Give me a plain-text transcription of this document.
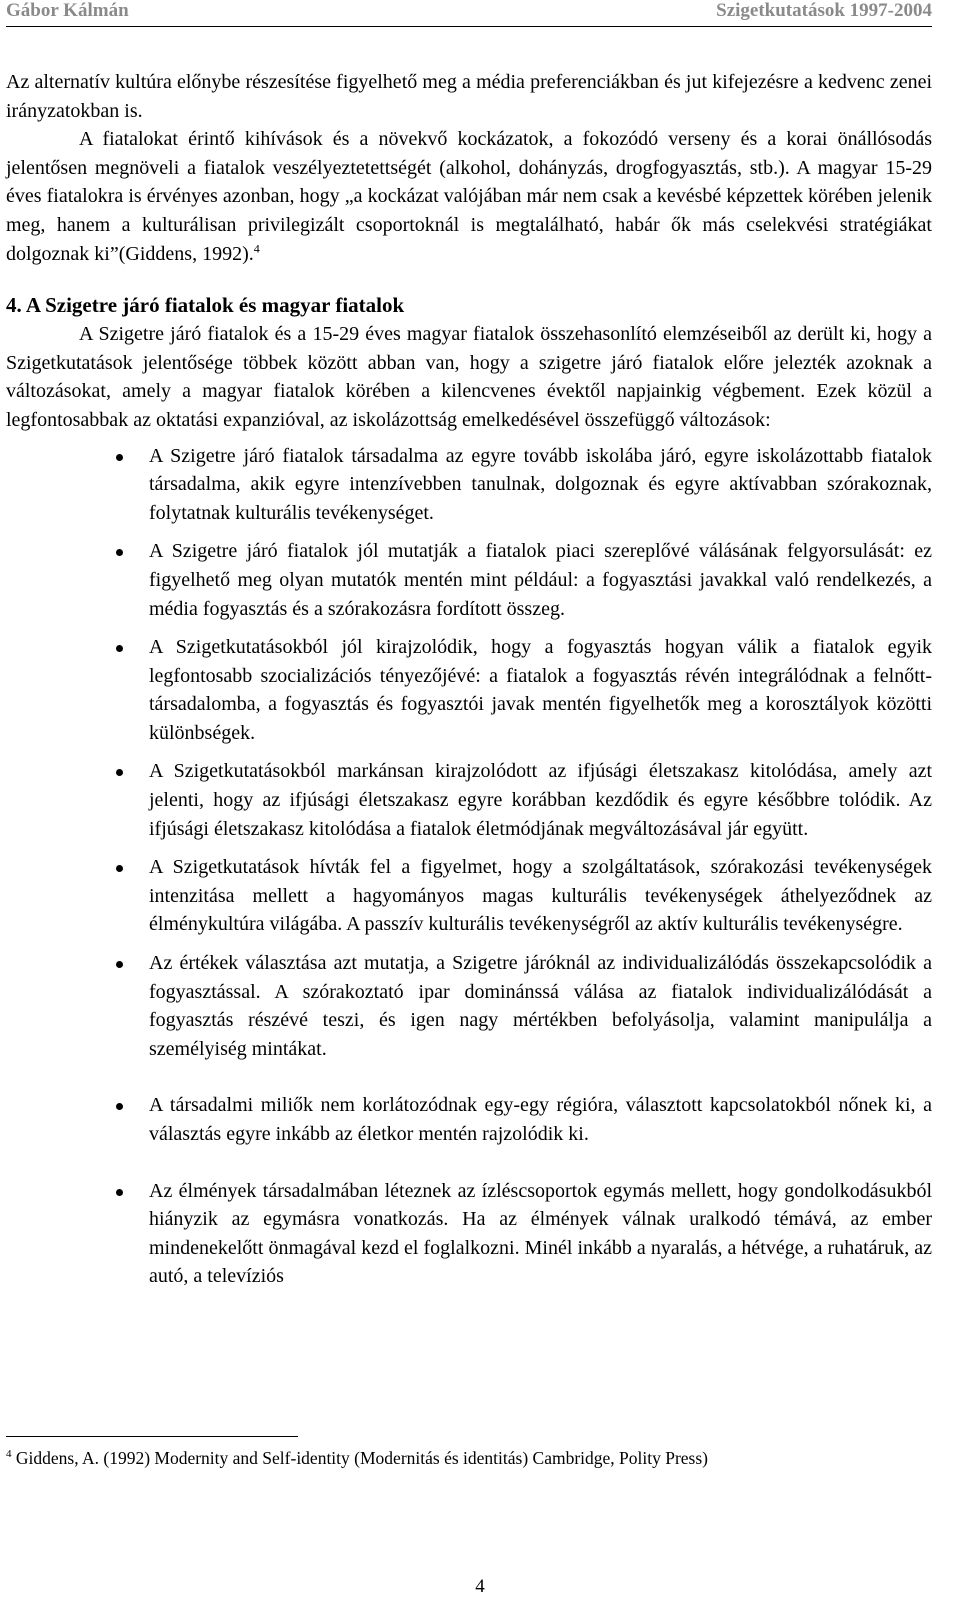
Gábor Kálmán	Szigetkutatások 1997-2004

Az alternatív kultúra előnybe részesítése figyelhető meg a média preferenciákban és jut kifejezésre a kedvenc zenei irányzatokban is.

A fiatalokat érintő kihívások és a növekvő kockázatok, a fokozódó verseny és a korai önállósodás jelentősen megnöveli a fiatalok veszélyeztetettségét (alkohol, dohányzás, drogfogyasztás, stb.). A magyar 15-29 éves fiatalokra is érvényes azonban, hogy „a kockázat valójában már nem csak a kevésbé képzettek körében jelenik meg, hanem a kulturálisan privilegizált csoportoknál is megtalálható, habár ők más cselekvési stratégiákat dolgoznak ki”(Giddens, 1992).$^4$

4. A Szigetre járó fiatalok és magyar fiatalok

A Szigetre járó fiatalok és a 15-29 éves magyar fiatalok összehasonlító elemzéseiből az derült ki, hogy a Szigetkutatások jelentősége többek között abban van, hogy a szigetre járó fiatalok előre jelezték azoknak a változásokat, amely a magyar fiatalok körében a kilencvenes évektől napjainkig végbement. Ezek közül a legfontosabbak az oktatási expanzióval, az iskolázottság emelkedésével összefüggő változások:

A Szigetre járó fiatalok társadalma az egyre tovább iskolába járó, egyre iskolázottabb fiatalok társadalma, akik egyre intenzívebben tanulnak, dolgoznak és egyre aktívabban szórakoznak, folytatnak kulturális tevékenységet.
A Szigetre járó fiatalok jól mutatják a fiatalok piaci szereplővé válásának felgyorsulását: ez figyelhető meg olyan mutatók mentén mint például: a fogyasztási javakkal való rendelkezés, a média fogyasztás és a szórakozásra fordított összeg.
A Szigetkutatásokból jól kirajzolódik, hogy a fogyasztás hogyan válik a fiatalok egyik legfontosabb szocializációs tényezőjévé: a fiatalok a fogyasztás révén integrálódnak a felnőtt-társadalomba, a fogyasztás és fogyasztói javak mentén figyelhetők meg a korosztályok közötti különbségek.
A Szigetkutatásokból markánsan kirajzolódott az ifjúsági életszakasz kitolódása, amely azt jelenti, hogy az ifjúsági életszakasz egyre korábban kezdődik és egyre későbbre tolódik. Az ifjúsági életszakasz kitolódása a fiatalok életmódjának megváltozásával jár együtt.
A Szigetkutatások hívták fel a figyelmet, hogy a szolgáltatások, szórakozási tevékenységek intenzitása mellett a hagyományos magas kulturális tevékenységek áthelyeződnek az élménykultúra világába. A passzív kulturális tevékenységről az aktív kulturális tevékenységre.
Az értékek választása azt mutatja, a Szigetre járóknál az individualizálódás összekapcsolódik a fogyasztással. A szórakoztató ipar dominánssá válása az fiatalok individualizálódását a fogyasztás részévé teszi, és igen nagy mértékben befolyásolja, valamint manipulálja a személyiség mintákat.
A társadalmi miliők nem korlátozódnak egy-egy régióra, választott kapcsolatokból nőnek ki, a választás egyre inkább az életkor mentén rajzolódik ki.
Az élmények társadalmában léteznek az ízléscsoportok egymás mellett, hogy gondolkodásukból hiányzik az egymásra vonatkozás. Ha az élmények válnak uralkodó témává, az ember mindenekelőtt önmagával kezd el foglalkozni. Minél inkább a nyaralás, a hétvége, a ruhatáruk, az autó, a televíziós
$^4$ Giddens, A. (1992) Modernity and Self-identity (Modernitás és identitás) Cambridge, Polity Press)
4
